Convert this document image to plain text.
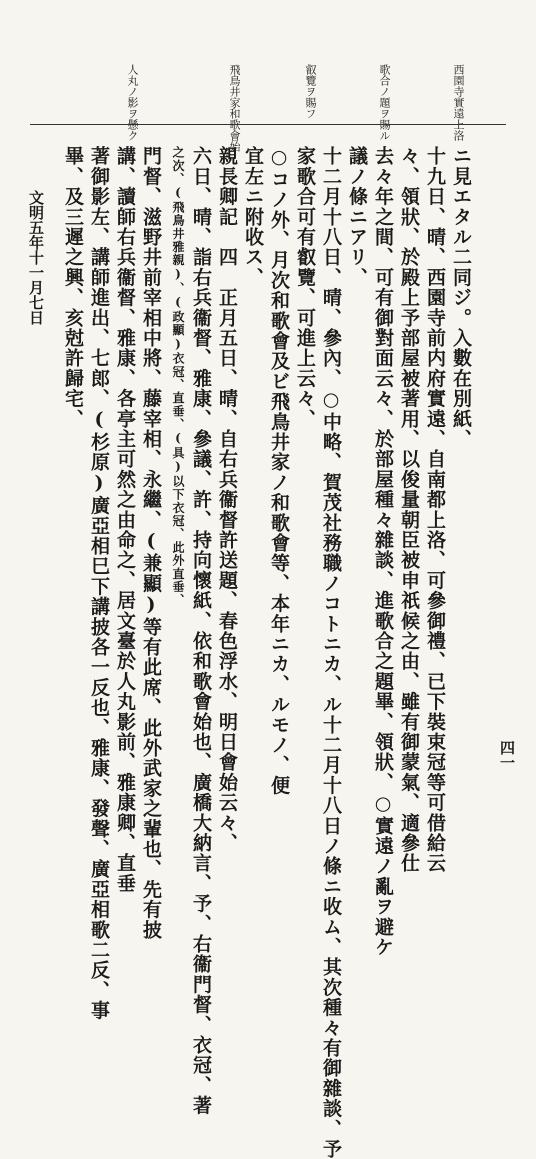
西園寺實遠上洛
歌合ノ題ヲ賜ル
叡覽ヲ賜フ
飛鳥井家和歌會始
人丸ノ影ヲ懸ク
ニ見エタル二同ジ。入數在別紙、
十九日、晴、西園寺前内府實遠、自南都上洛、可參御禮、已下裝束冠等可借給云
々、領狀、於殿上予部屋被著用、以俊量朝臣被申祇候之由、雖有御蒙氣、適參仕
去々年之間、可有御對面云々、於部屋種々雜談、進歌合之題畢、領狀、○實遠ノ亂ヲ避ケ
議ノ條ニアリ、
十二月十八日、晴、參內、○中略、賀茂社務職ノコトニカ、ル十二月十八日ノ條ニ收ム、其次種々有御雜談、予
家歌合可有叡覽、可進上云々、
○コノ外、月次和歌會及ビ飛鳥井家ノ和歌會等、本年ニカ、ルモノ、便
宜左ニ附收ス、
親長卿記　四　正月五日、晴、自右兵衞督許送題、春色浮水、明日會始云々、
六日、晴、詣右兵衞督、雅康、參議、許、持向懷紙、依和歌會始也、廣橋大納言、予、右衞門督、衣冠、著
之次、(飛鳥井雅親)、(政顯)衣冠、直垂、(具)以下衣冠、此外直垂、
門督、滋野井前宰相中將、藤宰相、永繼、(兼顯)等有此席、此外武家之輩也、先有披
講、讀師右兵衞督、雅康、各亭主可然之由命之、居文臺於人丸影前、雅康卿、直垂
著御影左、講師進出、七郎、(杉原)廣亞相巳下講披各一反也、雅康、發聲、廣亞相歌二反、事
畢、及三遲之興、亥尅許歸宅、
文明五年十一月七日
四一
